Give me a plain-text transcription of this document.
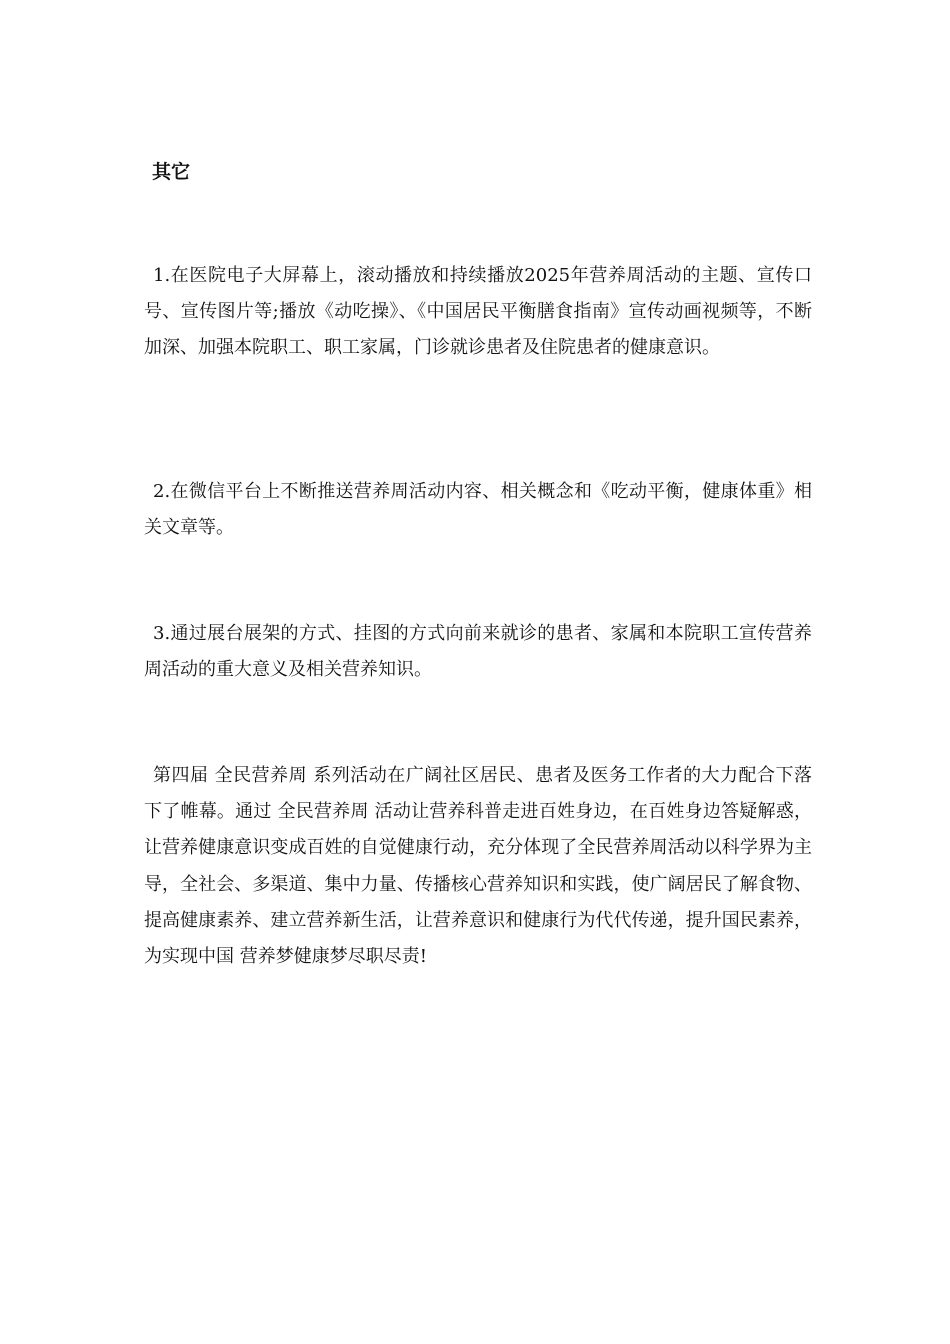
其它

1.在医院电子大屏幕上，滚动播放和持续播放2025年营养周活动的主题、宣传口号、宣传图片等;播放《动吃操》、《中国居民平衡膳食指南》宣传动画视频等，不断加深、加强本院职工、职工家属，门诊就诊患者及住院患者的健康意识。

2.在微信平台上不断推送营养周活动内容、相关概念和《吃动平衡，健康体重》相关文章等。

3.通过展台展架的方式、挂图的方式向前来就诊的患者、家属和本院职工宣传营养周活动的重大意义及相关营养知识。

第四届 全民营养周 系列活动在广阔社区居民、患者及医务工作者的大力配合下落下了帷幕。通过 全民营养周 活动让营养科普走进百姓身边，在百姓身边答疑解惑，让营养健康意识变成百姓的自觉健康行动，充分体现了全民营养周活动以科学界为主导，全社会、多渠道、集中力量、传播核心营养知识和实践，使广阔居民了解食物、提高健康素养、建立营养新生活，让营养意识和健康行为代代传递，提升国民素养，为实现中国 营养梦健康梦尽职尽责!
